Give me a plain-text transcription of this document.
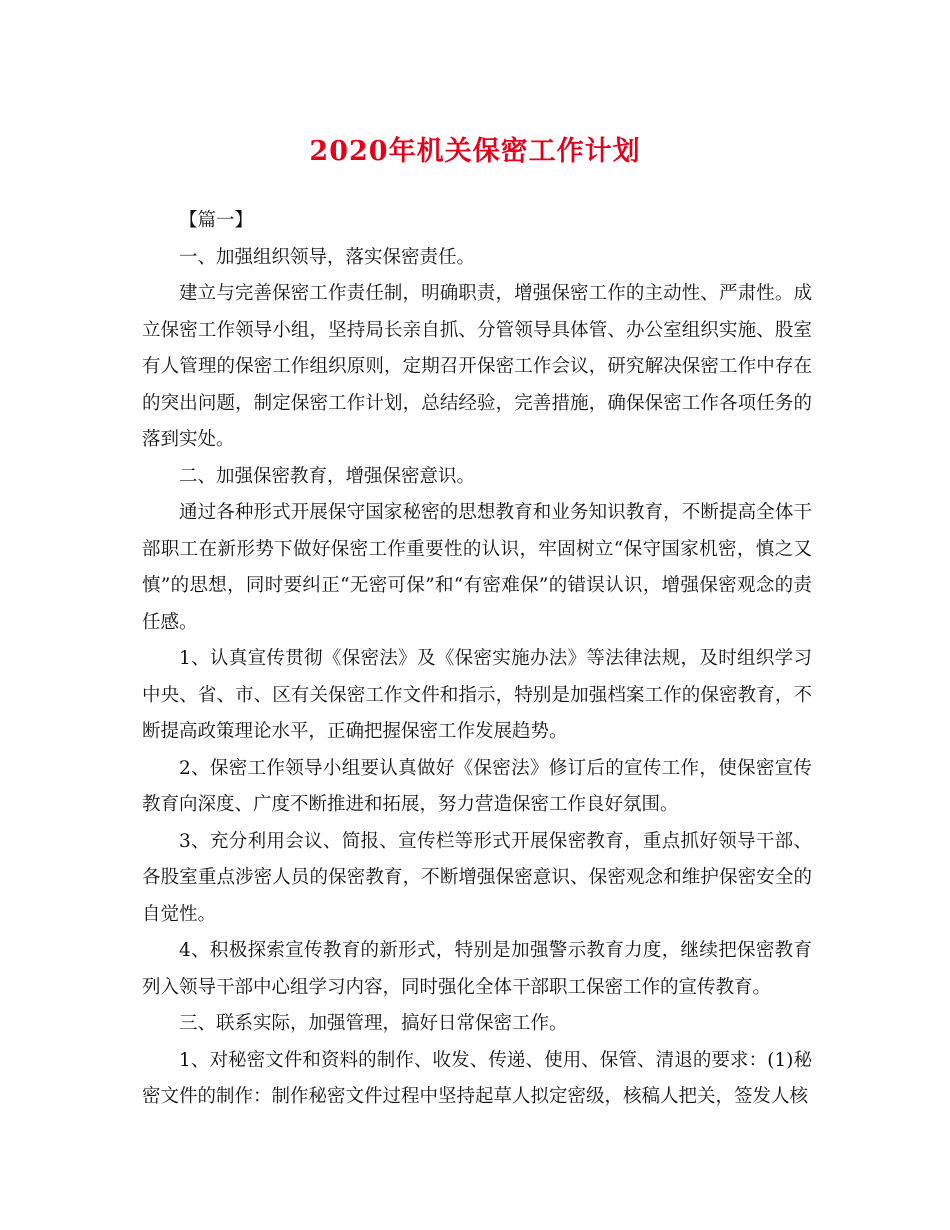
2020年机关保密工作计划

【篇一】

一、加强组织领导，落实保密责任。

建立与完善保密工作责任制，明确职责，增强保密工作的主动性、严肃性。成立保密工作领导小组，坚持局长亲自抓、分管领导具体管、办公室组织实施、股室有人管理的保密工作组织原则，定期召开保密工作会议，研究解决保密工作中存在的突出问题，制定保密工作计划，总结经验，完善措施，确保保密工作各项任务的落到实处。

二、加强保密教育，增强保密意识。

通过各种形式开展保守国家秘密的思想教育和业务知识教育，不断提高全体干部职工在新形势下做好保密工作重要性的认识，牢固树立“保守国家机密，慎之又慎”的思想，同时要纠正“无密可保”和“有密难保”的错误认识，增强保密观念的责任感。

1、认真宣传贯彻《保密法》及《保密实施办法》等法律法规，及时组织学习中央、省、市、区有关保密工作文件和指示，特别是加强档案工作的保密教育，不断提高政策理论水平，正确把握保密工作发展趋势。

2、保密工作领导小组要认真做好《保密法》修订后的宣传工作，使保密宣传教育向深度、广度不断推进和拓展，努力营造保密工作良好氛围。

3、充分利用会议、简报、宣传栏等形式开展保密教育，重点抓好领导干部、各股室重点涉密人员的保密教育，不断增强保密意识、保密观念和维护保密安全的自觉性。

4、积极探索宣传教育的新形式，特别是加强警示教育力度，继续把保密教育列入领导干部中心组学习内容，同时强化全体干部职工保密工作的宣传教育。

三、联系实际，加强管理，搞好日常保密工作。

1、对秘密文件和资料的制作、收发、传递、使用、保管、清退的要求：(1)秘密文件的制作：制作秘密文件过程中坚持起草人拟定密级，核稿人把关，签发人核
